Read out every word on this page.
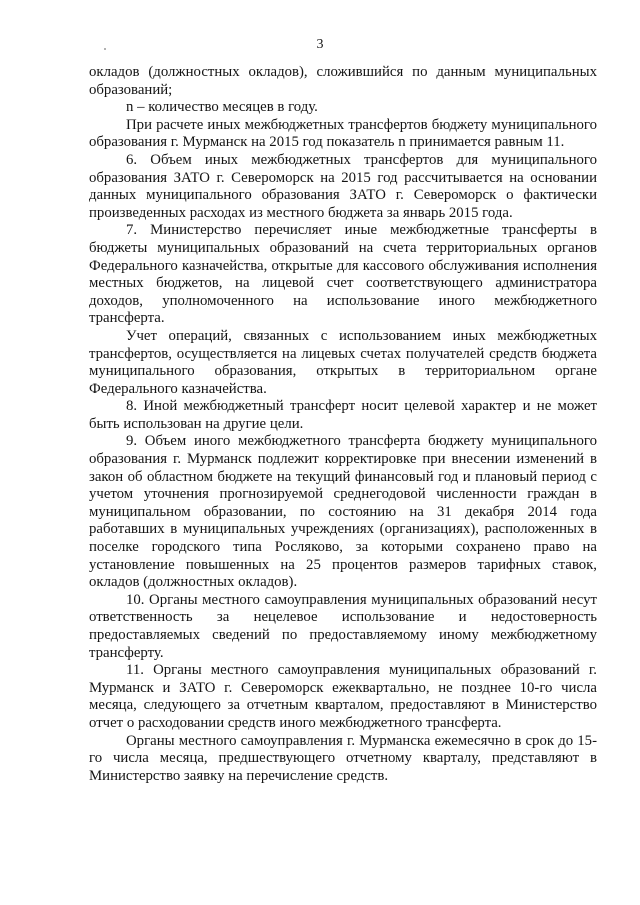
3

окладов (должностных окладов), сложившийся по данным муниципальных образований;

n – количество месяцев в году.

При расчете иных межбюджетных трансфертов бюджету муниципального образования г. Мурманск на 2015 год показатель n принимается равным 11.

6. Объем иных межбюджетных трансфертов для муниципального образования ЗАТО г. Североморск на 2015 год рассчитывается на основании данных муниципального образования ЗАТО г. Североморск о фактически произведенных расходах из местного бюджета за январь 2015 года.

7. Министерство перечисляет иные межбюджетные трансферты в бюджеты муниципальных образований на счета территориальных органов Федерального казначейства, открытые для кассового обслуживания исполнения местных бюджетов, на лицевой счет соответствующего администратора доходов, уполномоченного на использование иного межбюджетного трансферта.

Учет операций, связанных с использованием иных межбюджетных трансфертов, осуществляется на лицевых счетах получателей средств бюджета муниципального образования, открытых в территориальном органе Федерального казначейства.

8. Иной межбюджетный трансферт носит целевой характер и не может быть использован на другие цели.

9. Объем иного межбюджетного трансферта бюджету муниципального образования г. Мурманск подлежит корректировке при внесении изменений в закон об областном бюджете на текущий финансовый год и плановый период с учетом уточнения прогнозируемой среднегодовой численности граждан в муниципальном образовании, по состоянию на 31 декабря 2014 года работавших в муниципальных учреждениях (организациях), расположенных в поселке городского типа Росляково, за которыми сохранено право на установление повышенных на 25 процентов размеров тарифных ставок, окладов (должностных окладов).

10. Органы местного самоуправления муниципальных образований несут ответственность за нецелевое использование и недостоверность предоставляемых сведений по предоставляемому иному межбюджетному трансферту.

11. Органы местного самоуправления муниципальных образований г. Мурманск и ЗАТО г. Североморск ежеквартально, не позднее 10-го числа месяца, следующего за отчетным кварталом, предоставляют в Министерство отчет о расходовании средств иного межбюджетного трансферта.

Органы местного самоуправления г. Мурманска ежемесячно в срок до 15-го числа месяца, предшествующего отчетному кварталу, представляют в Министерство заявку на перечисление средств.
